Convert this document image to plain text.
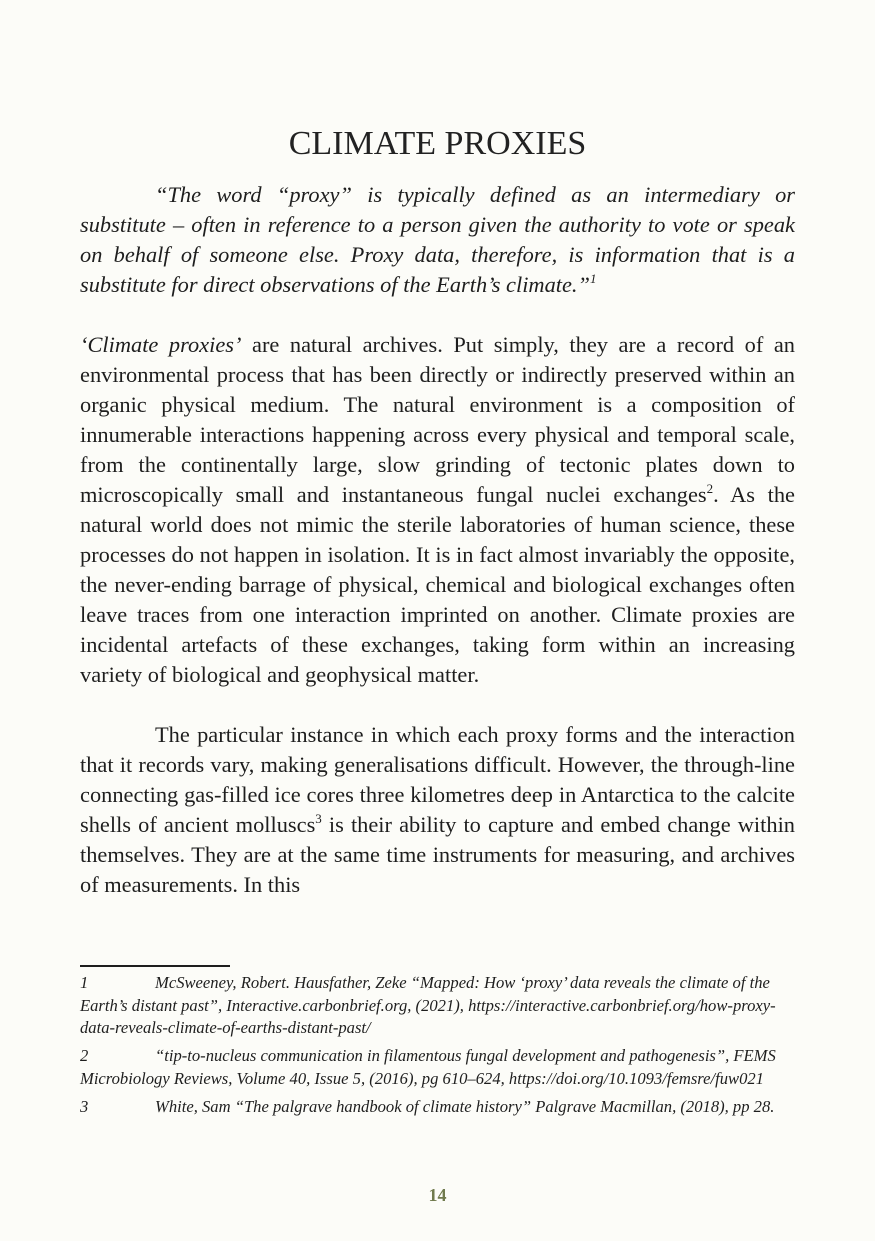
CLIMATE PROXIES

“The word “proxy” is typically defined as an intermediary or substitute – often in reference to a person given the authority to vote or speak on behalf of someone else. Proxy data, therefore, is information that is a substitute for direct observations of the Earth’s climate.”$^1$

‘Climate proxies’ are natural archives. Put simply, they are a record of an environmental process that has been directly or indirectly preserved within an organic physical medium. The natural environment is a composition of innumerable interactions happening across every physical and temporal scale, from the continentally large, slow grinding of tectonic plates down to microscopically small and instantaneous fungal nuclei exchanges$^2$. As the natural world does not mimic the sterile laboratories of human science, these processes do not happen in isolation. It is in fact almost invariably the opposite, the never-ending barrage of physical, chemical and biological exchanges often leave traces from one interaction imprinted on another. Climate proxies are incidental artefacts of these exchanges, taking form within an increasing variety of biological and geophysical matter.

The particular instance in which each proxy forms and the interaction that it records vary, making generalisations difficult. However, the through-line connecting gas-filled ice cores three kilometres deep in Antarctica to the calcite shells of ancient molluscs$^3$ is their ability to capture and embed change within themselves. They are at the same time instruments for measuring, and archives of measurements. In this

1	McSweeney, Robert. Hausfather, Zeke “Mapped: How ‘proxy’ data reveals the climate of the Earth’s distant past”, Interactive.carbonbrief.org, (2021), https://interactive.carbonbrief.org/how-proxy-data-reveals-climate-of-earths-distant-past/

2	“tip-to-nucleus communication in filamentous fungal development and pathogenesis”, FEMS Microbiology Reviews, Volume 40, Issue 5, (2016), pg 610–624, https://doi.org/10.1093/femsre/fuw021

3	White, Sam “The palgrave handbook of climate history” Palgrave Macmillan, (2018), pp 28.

14
